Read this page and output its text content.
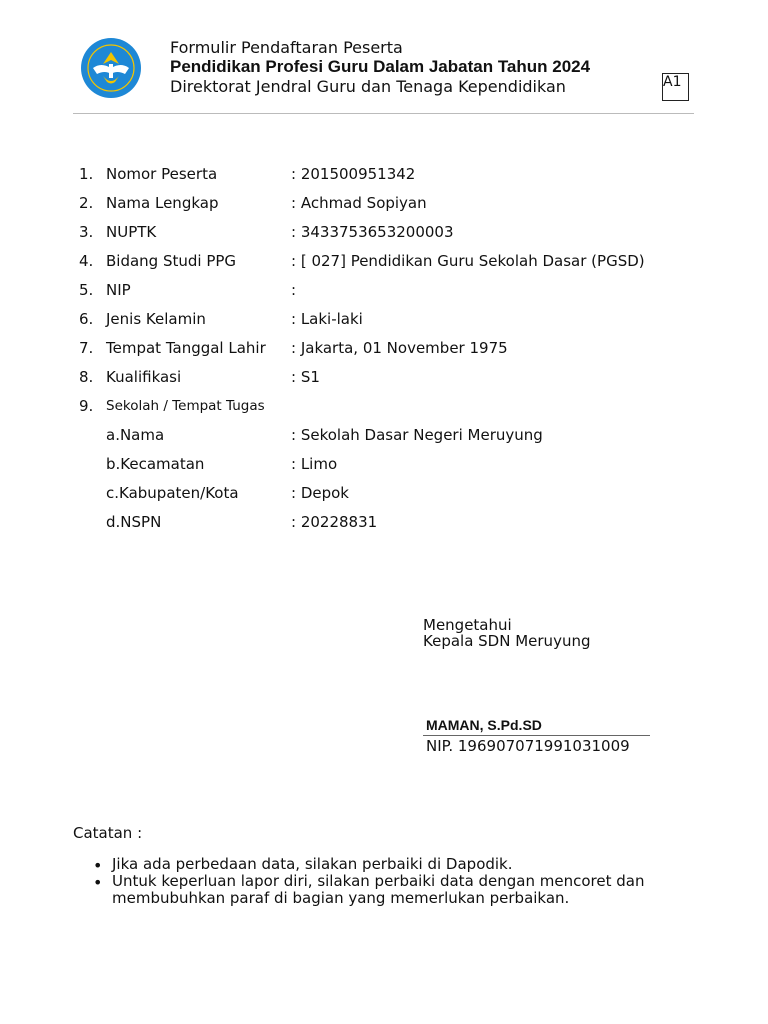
Formulir Pendaftaran Peserta
Pendidikan Profesi Guru Dalam Jabatan Tahun 2024
Direktorat Jendral Guru dan Tenaga Kependidikan	A1
1. Nomor Peserta	: 201500951342
2. Nama Lengkap	: Achmad Sopiyan
3. NUPTK	: 3433753653200003
4. Bidang Studi PPG	: [ 027] Pendidikan Guru Sekolah Dasar (PGSD)
5. NIP	:
6. Jenis Kelamin	: Laki-laki
7. Tempat Tanggal Lahir : Jakarta, 01 November 1975
8. Kualifikasi	: S1
9. Sekolah / Tempat Tugas
a.Nama	: Sekolah Dasar Negeri Meruyung
b.Kecamatan	: Limo
c.Kabupaten/Kota	: Depok
d.NSPN	: 20228831
Mengetahui
Kepala SDN Meruyung
MAMAN, S.Pd.SD
NIP. 196907071991031009
Catatan :
• Jika ada perbedaan data, silakan perbaiki di Dapodik.
• Untuk keperluan lapor diri, silakan perbaiki data dengan mencoret dan membubuhkan paraf di bagian yang memerlukan perbaikan.
